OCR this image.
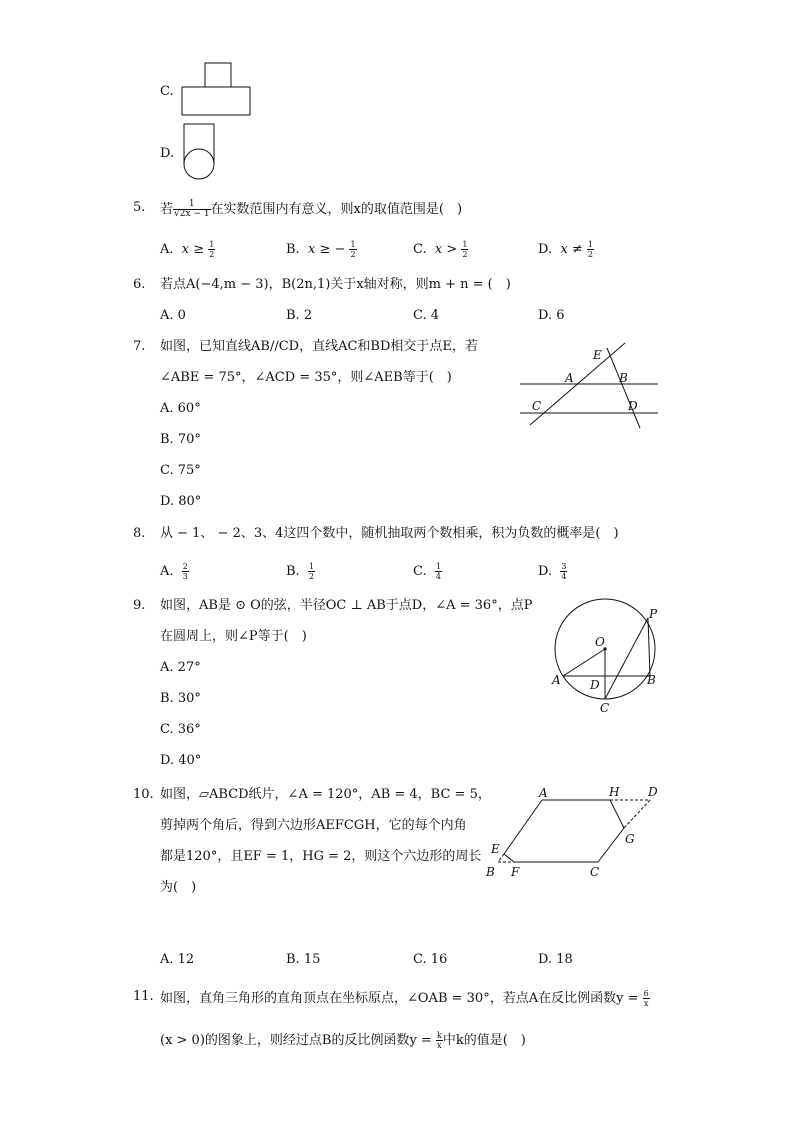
C.
D.
5. 若 $\frac{1}{√2x - 1}$ 在实数范围内有意义，则x的取值范围是(　)
A. $x \ge \frac{1}{2}$	B. x ≥ − $\frac{1}{2}$	C. $x > \frac{1}{2}$	D. $x \ne \frac{1}{2}$
6. 若点A(−4,m − 3)，B(2n,1)关于x轴对称，则m + n = (　)
A. 0	B. 2	C. 4	D. 6
7. 如图，已知直线AB//CD，直线AC和BD相交于点E，若
∠ABE = 75°，∠ACD = 35°，则∠AEB等于(　)
A. 60°
B. 70°
C. 75°
D. 80°
E
A	B
C	D
8. 从 − 1、 − 2、3、4这四个数中，随机抽取两个数相乘，积为负数的概率是(　)
A. $\frac{2}{3}$	B. $\frac{1}{2}$	C. $\frac{1}{4}$	D. $\frac{3}{4}$
9. 如图，AB是 ⊙ O的弦，半径OC ⊥ AB于点D，∠A = 36°，点P
在圆周上，则∠P等于(　)
A. 27°
B. 30°
C. 36°
D. 40°
O
P
A	B
D
C
10. 如图，▱ABCD纸片，∠A = 120°，AB = 4，BC = 5，
剪掉两个角后，得到六边形AEFCGH，它的每个内角
都是120°，且EF = 1，HG = 2，则这个六边形的周长
为(　)
A. 12	B. 15	C. 16	D. 18
A	H D
G
E
B F	C
11. 如图，直角三角形的直角顶点在坐标原点，∠OAB = 30°，若点A在反比例函数$y = \frac{6}{x}$
(x > 0)的图象上，则经过点B的反比例函数$y = \frac{k}{x}$ 中k的值是(　)
